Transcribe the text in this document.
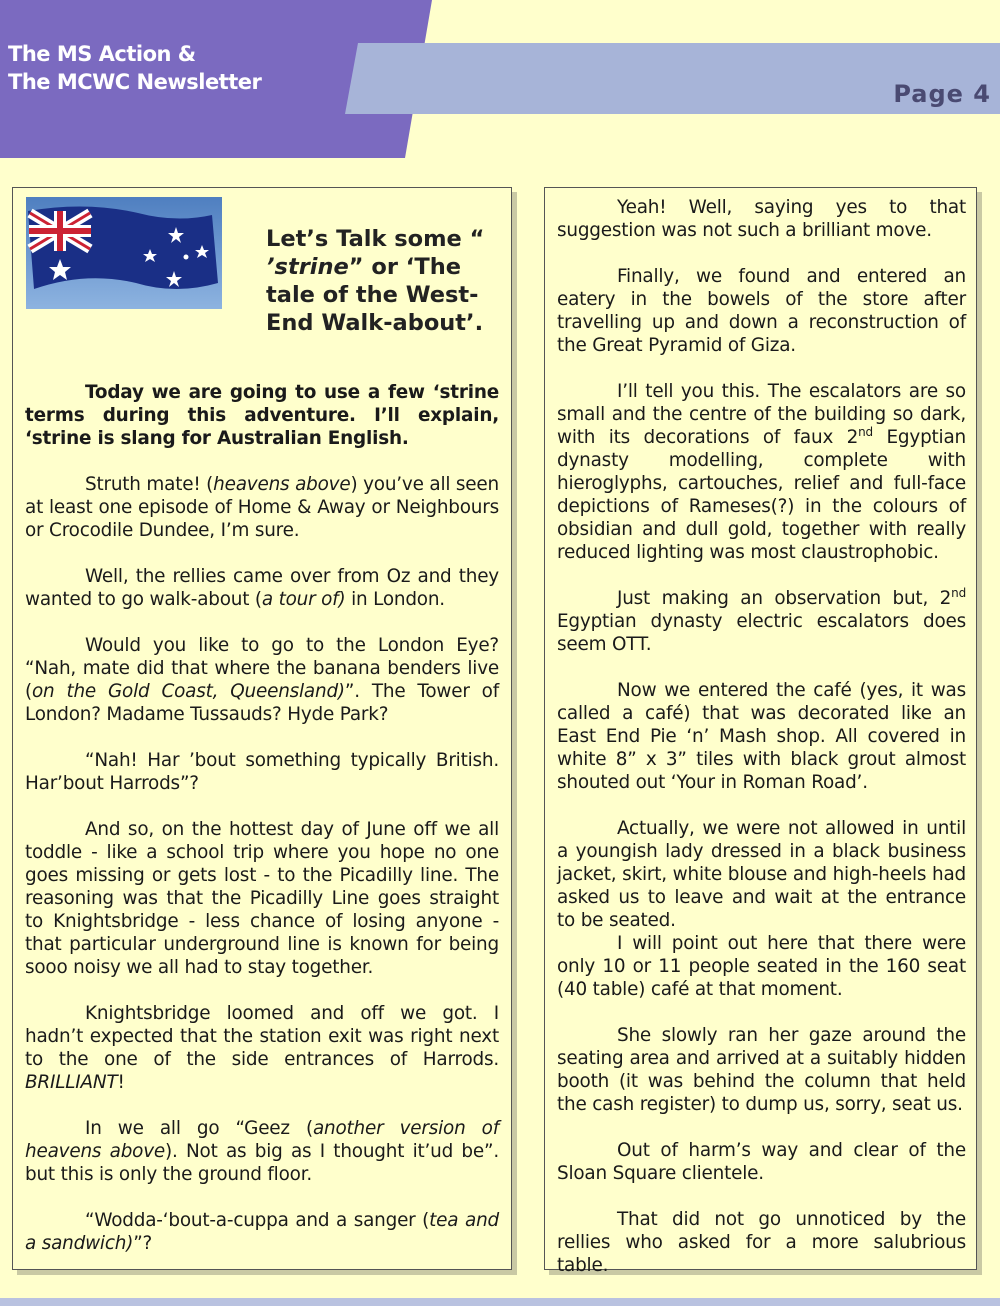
The MS Action &
The MCWC Newsletter	Page 4
Let’s Talk some “ ’strine” or ‘The tale of the West-End Walk-about’.

Today we are going to use a few ‘strine terms during this adventure. I’ll explain, ‘strine is slang for Australian English.

Struth mate! (heavens above) you’ve all seen at least one episode of Home & Away or Neighbours or Crocodile Dundee, I’m sure.

Well, the rellies came over from Oz and they wanted to go walk-about (a tour of) in London.

Would you like to go to the London Eye? “Nah, mate did that where the banana benders live (on the Gold Coast, Queensland)”. The Tower of London? Madame Tussauds? Hyde Park?

“Nah! Har ’bout something typically British. Har’bout Harrods”?

And so, on the hottest day of June off we all toddle - like a school trip where you hope no one goes missing or gets lost - to the Picadilly line. The reasoning was that the Picadilly Line goes straight to Knightsbridge - less chance of losing anyone - that particular underground line is known for being sooo noisy we all had to stay together.

Knightsbridge loomed and off we got. I hadn’t expected that the station exit was right next to the one of the side entrances of Harrods. BRILLIANT!

In we all go “Geez (another version of heavens above). Not as big as I thought it’ud be”. but this is only the ground floor.

“Wodda-‘bout-a-cuppa and a sanger (tea and a sandwich)”?

Yeah! Well, saying yes to that suggestion was not such a brilliant move.

Finally, we found and entered an eatery in the bowels of the store after travelling up and down a reconstruction of the Great Pyramid of Giza.

I’ll tell you this. The escalators are so small and the centre of the building so dark, with its decorations of faux 2nd Egyptian dynasty modelling, complete with hieroglyphs, cartouches, relief and full-face depictions of Rameses(?) in the colours of obsidian and dull gold, together with really reduced lighting was most claustrophobic.

Just making an observation but, 2nd Egyptian dynasty electric escalators does seem OTT.

Now we entered the café (yes, it was called a café) that was decorated like an East End Pie ‘n’ Mash shop. All covered in white 8” x 3” tiles with black grout almost shouted out ‘Your in Roman Road’.

Actually, we were not allowed in until a youngish lady dressed in a black business jacket, skirt, white blouse and high-heels had asked us to leave and wait at the entrance to be seated.

I will point out here that there were only 10 or 11 people seated in the 160 seat (40 table) café at that moment.

She slowly ran her gaze around the seating area and arrived at a suitably hidden booth (it was behind the column that held the cash register) to dump us, sorry, seat us.

Out of harm’s way and clear of the Sloan Square clientele.

That did not go unnoticed by the rellies who asked for a more salubrious table.
